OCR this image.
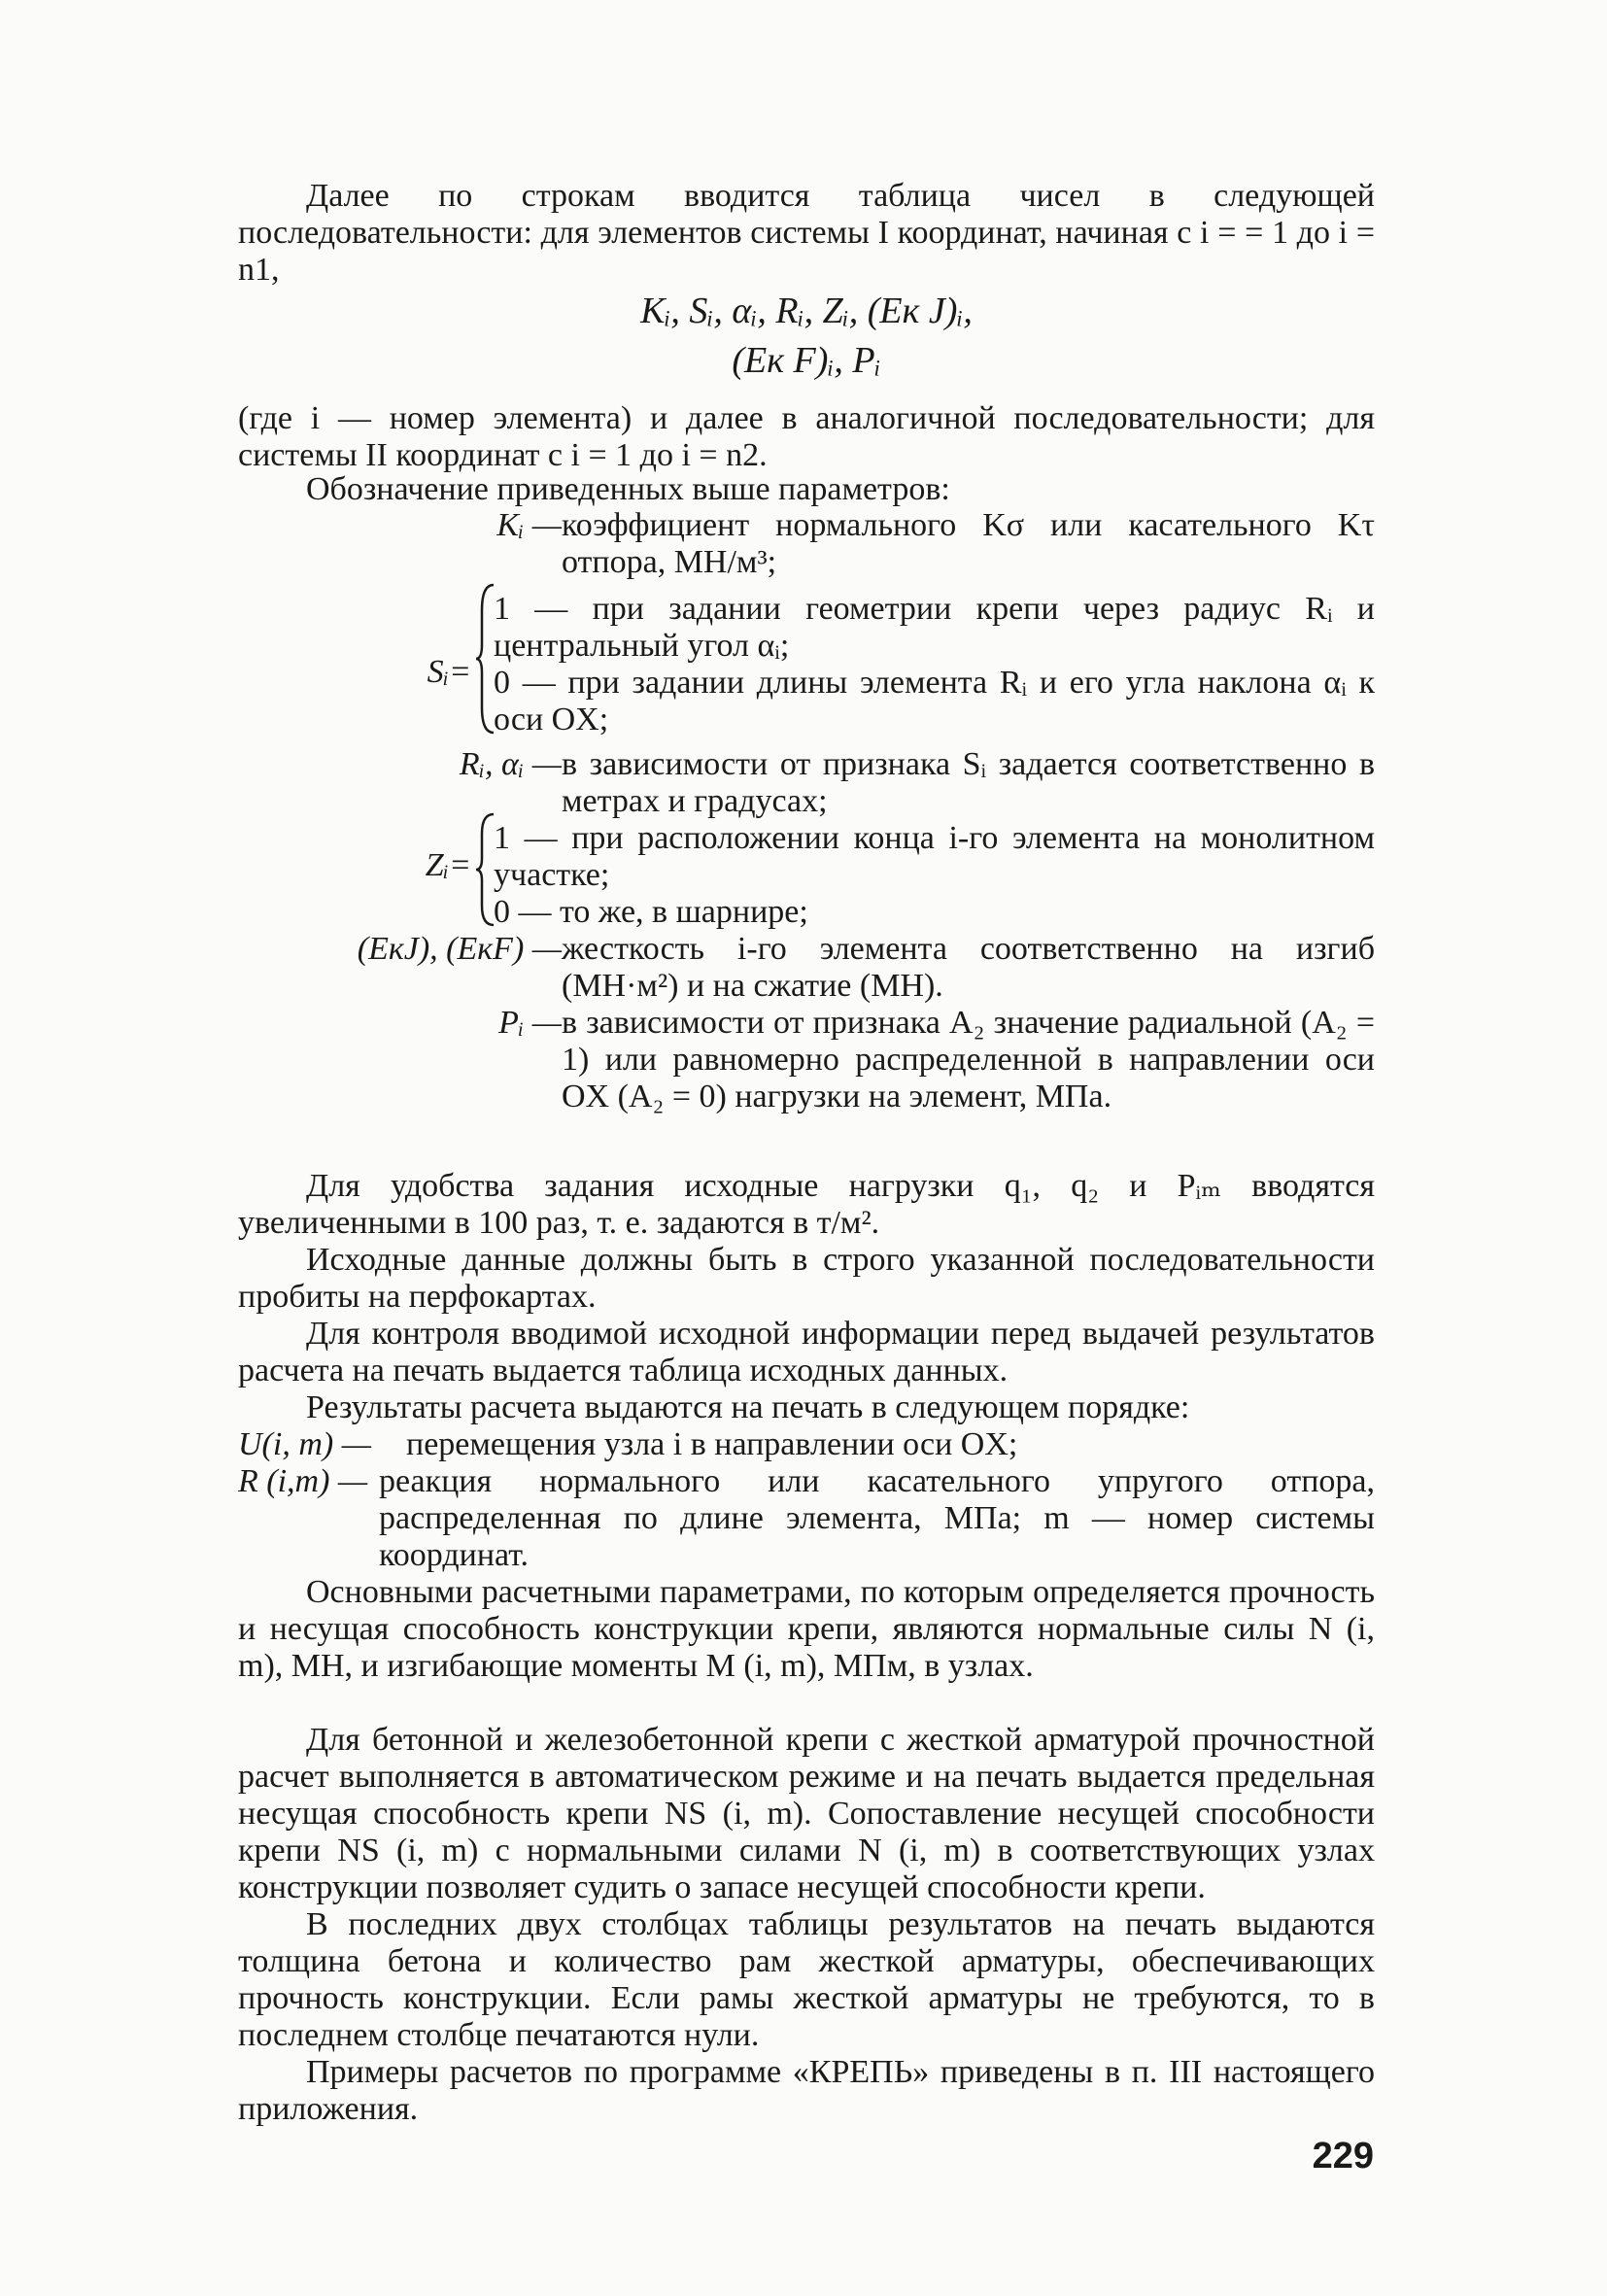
Далее по строкам вводится таблица чисел в следующей последовательности: для элементов системы I координат, начиная с i = = 1 до i = n1,

Kᵢ, Sᵢ, αᵢ, Rᵢ, Zᵢ, (Eк J)ᵢ,
(Eк F)ᵢ, Pᵢ

(где i — номер элемента) и далее в аналогичной последовательности; для системы II координат с i = 1 до i = n2.

Обозначение приведенных выше параметров:

Kᵢ — коэффициент нормального Kσ или касательного Kτ отпора, МН/м³;
Sᵢ=
1 — при задании геометрии крепи через радиус Rᵢ и центральный угол αᵢ;
0 — при задании длины элемента Rᵢ и его угла наклона αᵢ к оси OX;
Rᵢ, αᵢ — в зависимости от признака Sᵢ задается соответственно в метрах и градусах;
Zᵢ=
1 — при расположении конца i-го элемента на монолитном участке;
0 — то же, в шарнире;
(EкJ), (EкF) — жесткость i-го элемента соответственно на изгиб (МН·м²) и на сжатие (МН).
Pᵢ — в зависимости от признака A₂ значение радиальной (A₂ = 1) или равномерно распределенной в направлении оси OX (A₂ = 0) нагрузки на элемент, МПа.

Для удобства задания исходные нагрузки q₁, q₂ и Pᵢₘ вводятся увеличенными в 100 раз, т. е. задаются в т/м².

Исходные данные должны быть в строго указанной последовательности пробиты на перфокартах.

Для контроля вводимой исходной информации перед выдачей результатов расчета на печать выдается таблица исходных данных.

Результаты расчета выдаются на печать в следующем порядке:

U(i, m) —	перемещения узла i в направлении оси OX;
R (i,m) — реакция нормального или касательного упругого отпора, распределенная по длине элемента, МПа; m — номер системы координат.

Основными расчетными параметрами, по которым определяется прочность и несущая способность конструкции крепи, являются нормальные силы N (i, m), МН, и изгибающие моменты M (i, m), МПм, в узлах.

Для бетонной и железобетонной крепи с жесткой арматурой прочностной расчет выполняется в автоматическом режиме и на печать выдается предельная несущая способность крепи NS (i, m). Сопоставление несущей способности крепи NS (i, m) с нормальными силами N (i, m) в соответствующих узлах конструкции позволяет судить о запасе несущей способности крепи.

В последних двух столбцах таблицы результатов на печать выдаются толщина бетона и количество рам жесткой арматуры, обеспечивающих прочность конструкции. Если рамы жесткой арматуры не требуются, то в последнем столбце печатаются нули.

Примеры расчетов по программе «КРЕПЬ» приведены в п. III настоящего приложения.

229
